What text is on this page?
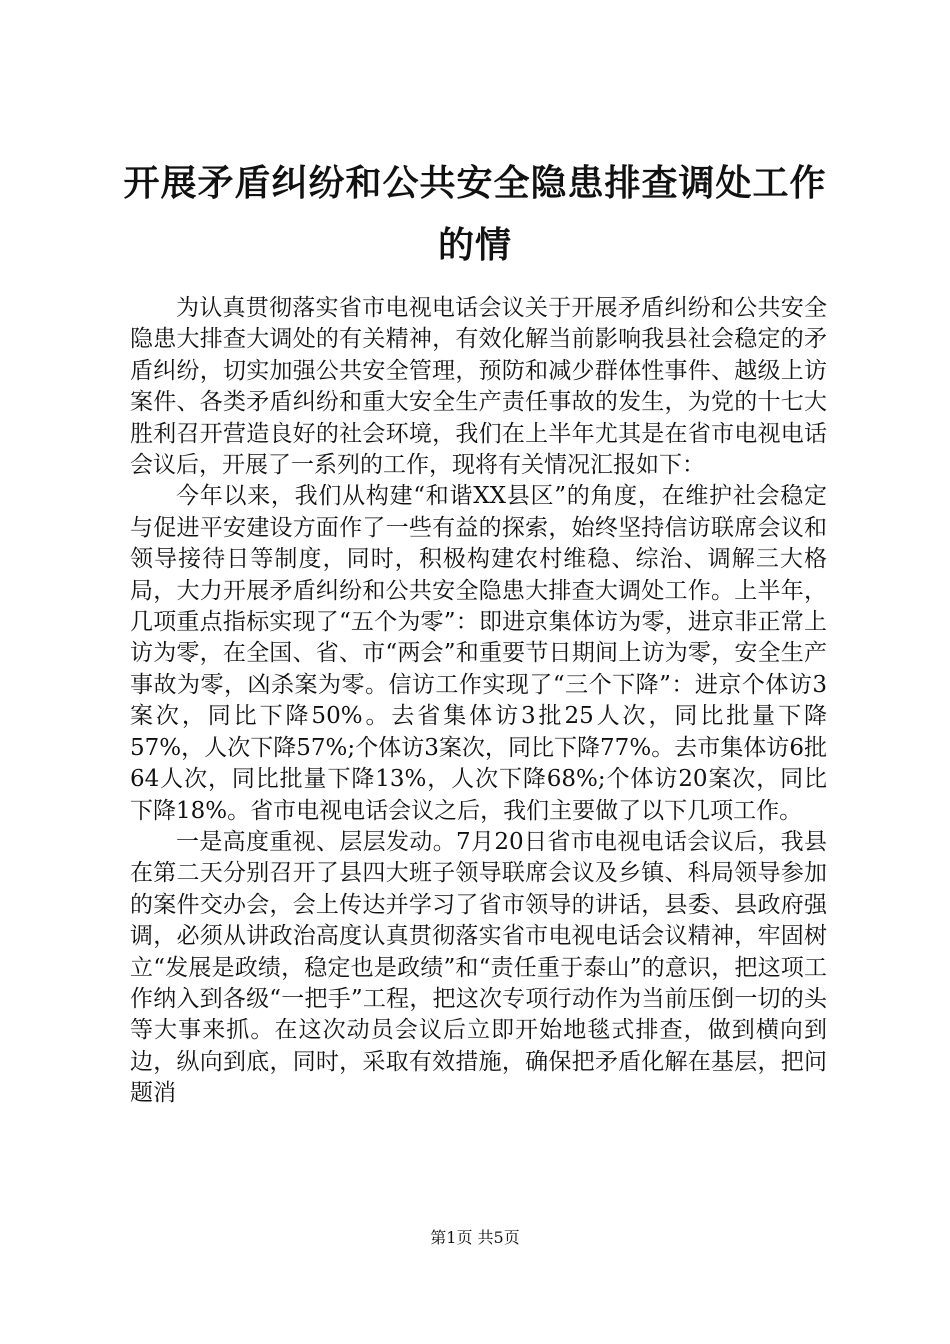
开展矛盾纠纷和公共安全隐患排查调处工作的情

为认真贯彻落实省市电视电话会议关于开展矛盾纠纷和公共安全隐患大排查大调处的有关精神，有效化解当前影响我县社会稳定的矛盾纠纷，切实加强公共安全管理，预防和减少群体性事件、越级上访案件、各类矛盾纠纷和重大安全生产责任事故的发生，为党的十七大胜利召开营造良好的社会环境，我们在上半年尤其是在省市电视电话会议后，开展了一系列的工作，现将有关情况汇报如下：

今年以来，我们从构建“和谐XX县区”的角度，在维护社会稳定与促进平安建设方面作了一些有益的探索，始终坚持信访联席会议和领导接待日等制度，同时，积极构建农村维稳、综治、调解三大格局，大力开展矛盾纠纷和公共安全隐患大排查大调处工作。上半年，几项重点指标实现了“五个为零”：即进京集体访为零，进京非正常上访为零，在全国、省、市“两会”和重要节日期间上访为零，安全生产事故为零，凶杀案为零。信访工作实现了“三个下降”：进京个体访3案次，同比下降50%。去省集体访3批25人次，同比批量下降57%，人次下降57%;个体访3案次，同比下降77%。去市集体访6批64人次，同比批量下降13%，人次下降68%;个体访20案次，同比下降18%。省市电视电话会议之后，我们主要做了以下几项工作。

一是高度重视、层层发动。7月20日省市电视电话会议后，我县在第二天分别召开了县四大班子领导联席会议及乡镇、科局领导参加的案件交办会，会上传达并学习了省市领导的讲话，县委、县政府强调，必须从讲政治高度认真贯彻落实省市电视电话会议精神，牢固树立“发展是政绩，稳定也是政绩”和“责任重于泰山”的意识，把这项工作纳入到各级“一把手”工程，把这次专项行动作为当前压倒一切的头等大事来抓。在这次动员会议后立即开始地毯式排查，做到横向到边，纵向到底，同时，采取有效措施，确保把矛盾化解在基层，把问题消

第1页 共5页
